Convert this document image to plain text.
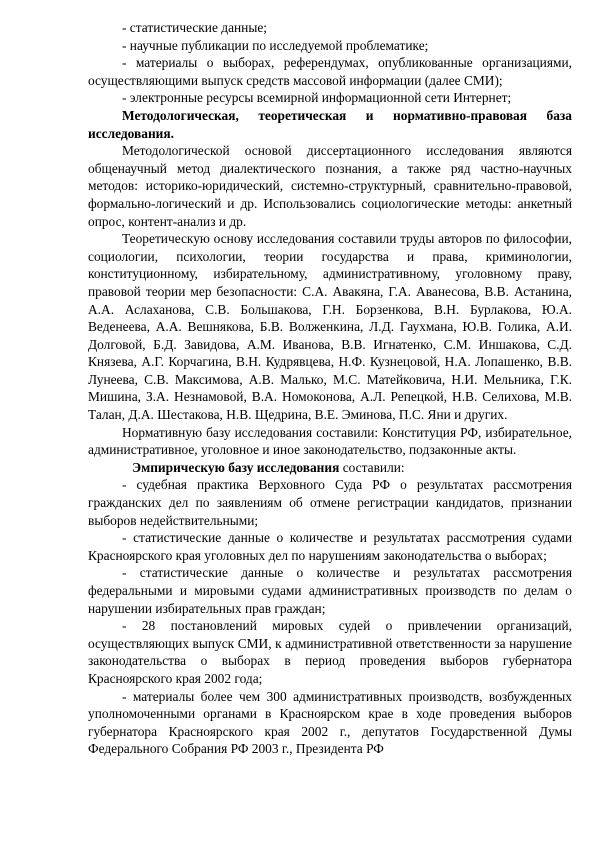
- статистические данные;

- научные публикации по исследуемой проблематике;

- материалы о выборах, референдумах, опубликованные организациями, осуществляющими выпуск средств массовой информации (далее СМИ);

- электронные ресурсы всемирной информационной сети Интернет;

Методологическая, теоретическая и нормативно-правовая база исследования.

Методологической основой диссертационного исследования являются общенаучный метод диалектического познания, а также ряд частно-научных методов: историко-юридический, системно-структурный, сравнительно-правовой, формально-логический и др. Использовались социологические методы: анкетный опрос, контент-анализ и др.

Теоретическую основу исследования составили труды авторов по философии, социологии, психологии, теории государства и права, криминологии, конституционному, избирательному, административному, уголовному праву, правовой теории мер безопасности: С.А. Авакяна, Г.А. Аванесова, В.В. Астанина, А.А. Аслаханова, С.В. Большакова, Г.Н. Борзенкова, В.Н. Бурлакова, Ю.А. Веденеева, А.А. Вешнякова, Б.В. Волженкина, Л.Д. Гаухмана, Ю.В. Голика, А.И. Долговой, Б.Д. Завидова, А.М. Иванова, В.В. Игнатенко, С.М. Иншакова, С.Д. Князева, А.Г. Корчагина, В.Н. Кудрявцева, Н.Ф. Кузнецовой, Н.А. Лопашенко, В.В. Лунеева, С.В. Максимова, А.В. Малько, М.С. Матейковича, Н.И. Мельника, Г.К. Мишина, З.А. Незнамовой, В.А. Номоконова, А.Л. Репецкой, Н.В. Селихова, М.В. Талан, Д.А. Шестакова, Н.В. Щедрина, В.Е. Эминова, П.С. Яни и других.

Нормативную базу исследования составили: Конституция РФ, избирательное, административное, уголовное и иное законодательство, подзаконные акты.

Эмпирическую базу исследования составили:

- судебная практика Верховного Суда РФ о результатах рассмотрения гражданских дел по заявлениям об отмене регистрации кандидатов, признании выборов недействительными;

- статистические данные о количестве и результатах рассмотрения судами Красноярского края уголовных дел по нарушениям законодательства о выборах;

- статистические данные о количестве и результатах рассмотрения федеральными и мировыми судами административных производств по делам о нарушении избирательных прав граждан;

- 28 постановлений мировых судей о привлечении организаций, осуществляющих выпуск СМИ, к административной ответственности за нарушение законодательства о выборах в период проведения выборов губернатора Красноярского края 2002 года;

- материалы более чем 300 административных производств, возбужденных уполномоченными органами в Красноярском крае в ходе проведения выборов губернатора Красноярского края 2002 г., депутатов Государственной Думы Федерального Собрания РФ 2003 г., Президента РФ
